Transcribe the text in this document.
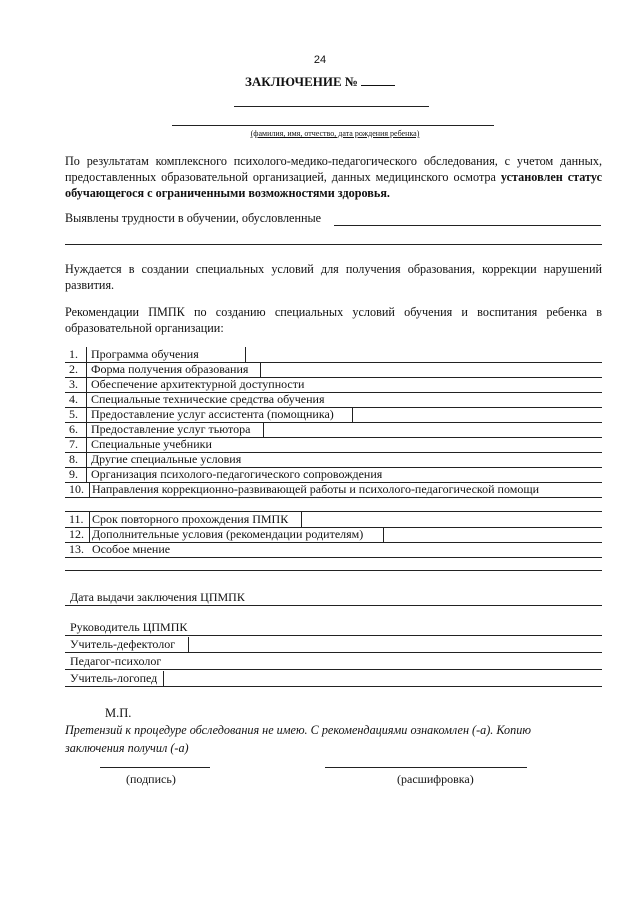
24
ЗАКЛЮЧЕНИЕ №
(фамилия, имя, отчество, дата рождения ребенка)
По результатам комплексного психолого-медико-педагогического обследования, с учетом данных, предоставленных образовательной организацией, данных медицинского осмотра установлен статус обучающегося с ограниченными возможностями здоровья.
Выявлены трудности в обучении, обусловленные
Нуждается в создании специальных условий для получения образования, коррекции нарушений развития.
Рекомендации ПМПК по созданию специальных условий обучения и воспитания ребенка в образовательной организации:
1. Программа обучения
2. Форма получения образования
3. Обеспечение архитектурной доступности
4. Специальные технические средства обучения
5. Предоставление услуг ассистента (помощника)
6. Предоставление услуг тьютора
7. Специальные учебники
8. Другие специальные условия
9. Организация психолого-педагогического сопровождения
10. Направления коррекционно-развивающей работы и психолого-педагогической помощи
11. Срок повторного прохождения ПМПК
12. Дополнительные условия (рекомендации родителям)
13. Особое мнение
Дата выдачи заключения ЦПМПК
Руководитель ЦПМПК
Учитель-дефектолог
Педагог-психолог
Учитель-логопед
М.П.
Претензий к процедуре обследования не имею. С рекомендациями ознакомлен (-а). Копию заключения получил (-а)
(подпись)	(расшифровка)
